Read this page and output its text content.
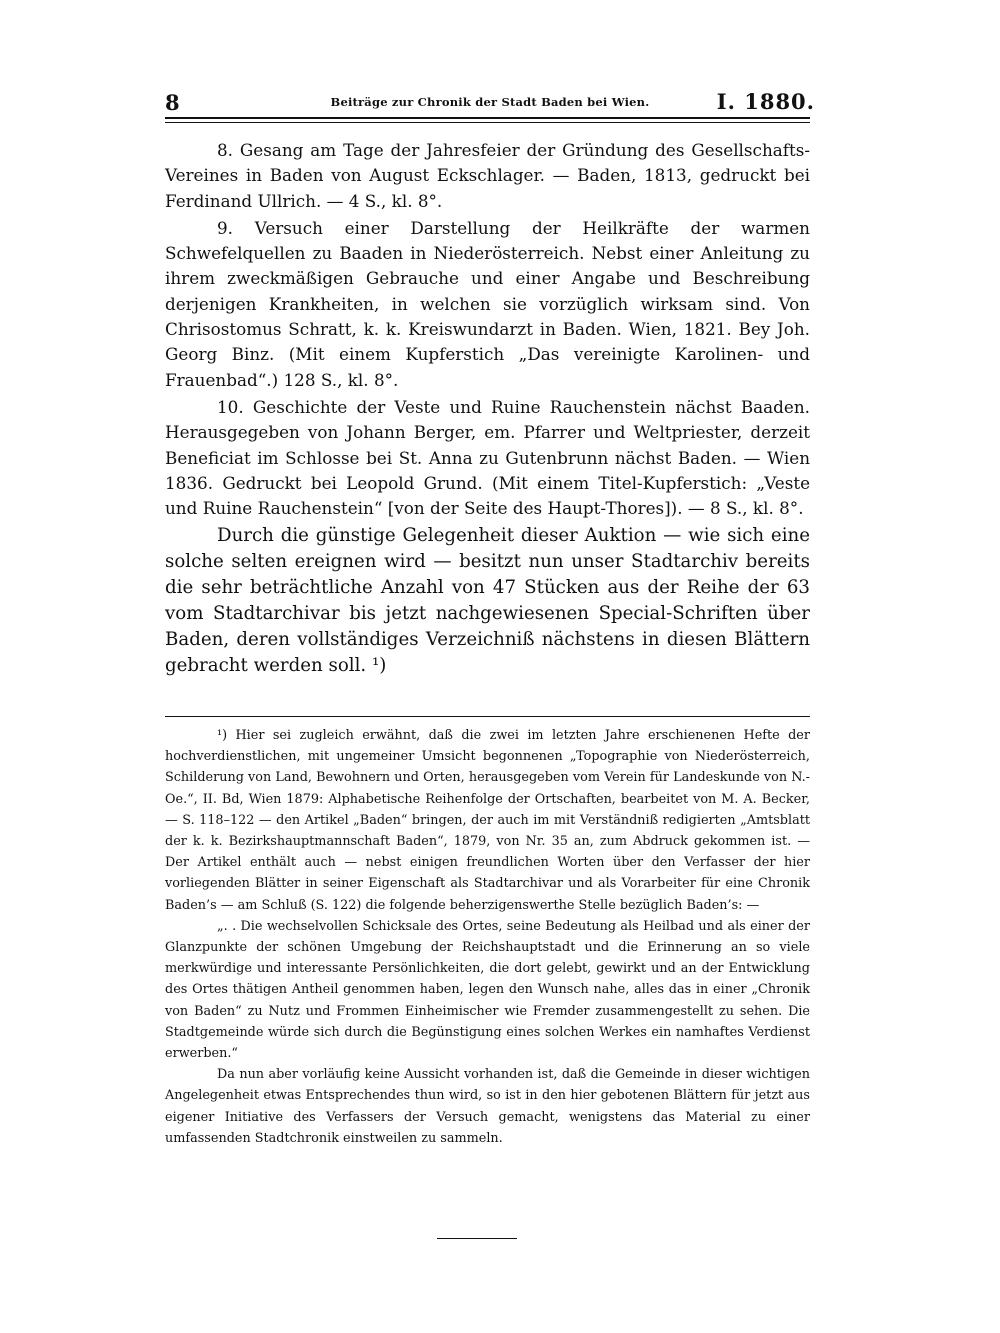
8	Beiträge zur Chronik der Stadt Baden bei Wien.	I. 1880.

8. Gesang am Tage der Jahresfeier der Gründung des Gesellschafts-Vereines in Baden von August Eckschlager. — Baden, 1813, gedruckt bei Ferdinand Ullrich. — 4 S., kl. 8°.

9. Versuch einer Darstellung der Heilkräfte der warmen Schwefelquellen zu Baaden in Niederösterreich. Nebst einer Anleitung zu ihrem zweckmäßigen Gebrauche und einer Angabe und Beschreibung derjenigen Krankheiten, in welchen sie vorzüglich wirksam sind. Von Chrisostomus Schratt, k. k. Kreiswundarzt in Baden. Wien, 1821. Bey Joh. Georg Binz. (Mit einem Kupferstich „Das vereinigte Karolinen- und Frauenbad“.) 128 S., kl. 8°.

10. Geschichte der Veste und Ruine Rauchenstein nächst Baaden. Herausgegeben von Johann Berger, em. Pfarrer und Weltpriester, derzeit Beneficiat im Schlosse bei St. Anna zu Gutenbrunn nächst Baden. — Wien 1836. Gedruckt bei Leopold Grund. (Mit einem Titel-Kupferstich: „Veste und Ruine Rauchenstein“ [von der Seite des Haupt-Thores]). — 8 S., kl. 8°.

Durch die günstige Gelegenheit dieser Auktion — wie sich eine solche selten ereignen wird — besitzt nun unser Stadtarchiv bereits die sehr beträchtliche Anzahl von 47 Stücken aus der Reihe der 63 vom Stadtarchivar bis jetzt nachgewiesenen Special-Schriften über Baden, deren vollständiges Verzeichniß nächstens in diesen Blättern gebracht werden soll. ¹)

¹) Hier sei zugleich erwähnt, daß die zwei im letzten Jahre erschienenen Hefte der hochverdienstlichen, mit ungemeiner Umsicht begonnenen „Topographie von Niederösterreich, Schilderung von Land, Bewohnern und Orten, herausgegeben vom Verein für Landeskunde von N.-Oe.“, II. Bd, Wien 1879: Alphabetische Reihenfolge der Ortschaften, bearbeitet von M. A. Becker, — S. 118–122 — den Artikel „Baden“ bringen, der auch im mit Verständniß redigierten „Amtsblatt der k. k. Bezirkshauptmannschaft Baden“, 1879, von Nr. 35 an, zum Abdruck gekommen ist. — Der Artikel enthält auch — nebst einigen freundlichen Worten über den Verfasser der hier vorliegenden Blätter in seiner Eigenschaft als Stadtarchivar und als Vorarbeiter für eine Chronik Baden’s — am Schluß (S. 122) die folgende beherzigenswerthe Stelle bezüglich Baden’s: —

„. . Die wechselvollen Schicksale des Ortes, seine Bedeutung als Heilbad und als einer der Glanzpunkte der schönen Umgebung der Reichshauptstadt und die Erinnerung an so viele merkwürdige und interessante Persönlichkeiten, die dort gelebt, gewirkt und an der Entwicklung des Ortes thätigen Antheil genommen haben, legen den Wunsch nahe, alles das in einer „Chronik von Baden“ zu Nutz und Frommen Einheimischer wie Fremder zusammengestellt zu sehen. Die Stadtgemeinde würde sich durch die Begünstigung eines solchen Werkes ein namhaftes Verdienst erwerben.“

Da nun aber vorläufig keine Aussicht vorhanden ist, daß die Gemeinde in dieser wichtigen Angelegenheit etwas Entsprechendes thun wird, so ist in den hier gebotenen Blättern für jetzt aus eigener Initiative des Verfassers der Versuch gemacht, wenigstens das Material zu einer umfassenden Stadtchronik einstweilen zu sammeln.
